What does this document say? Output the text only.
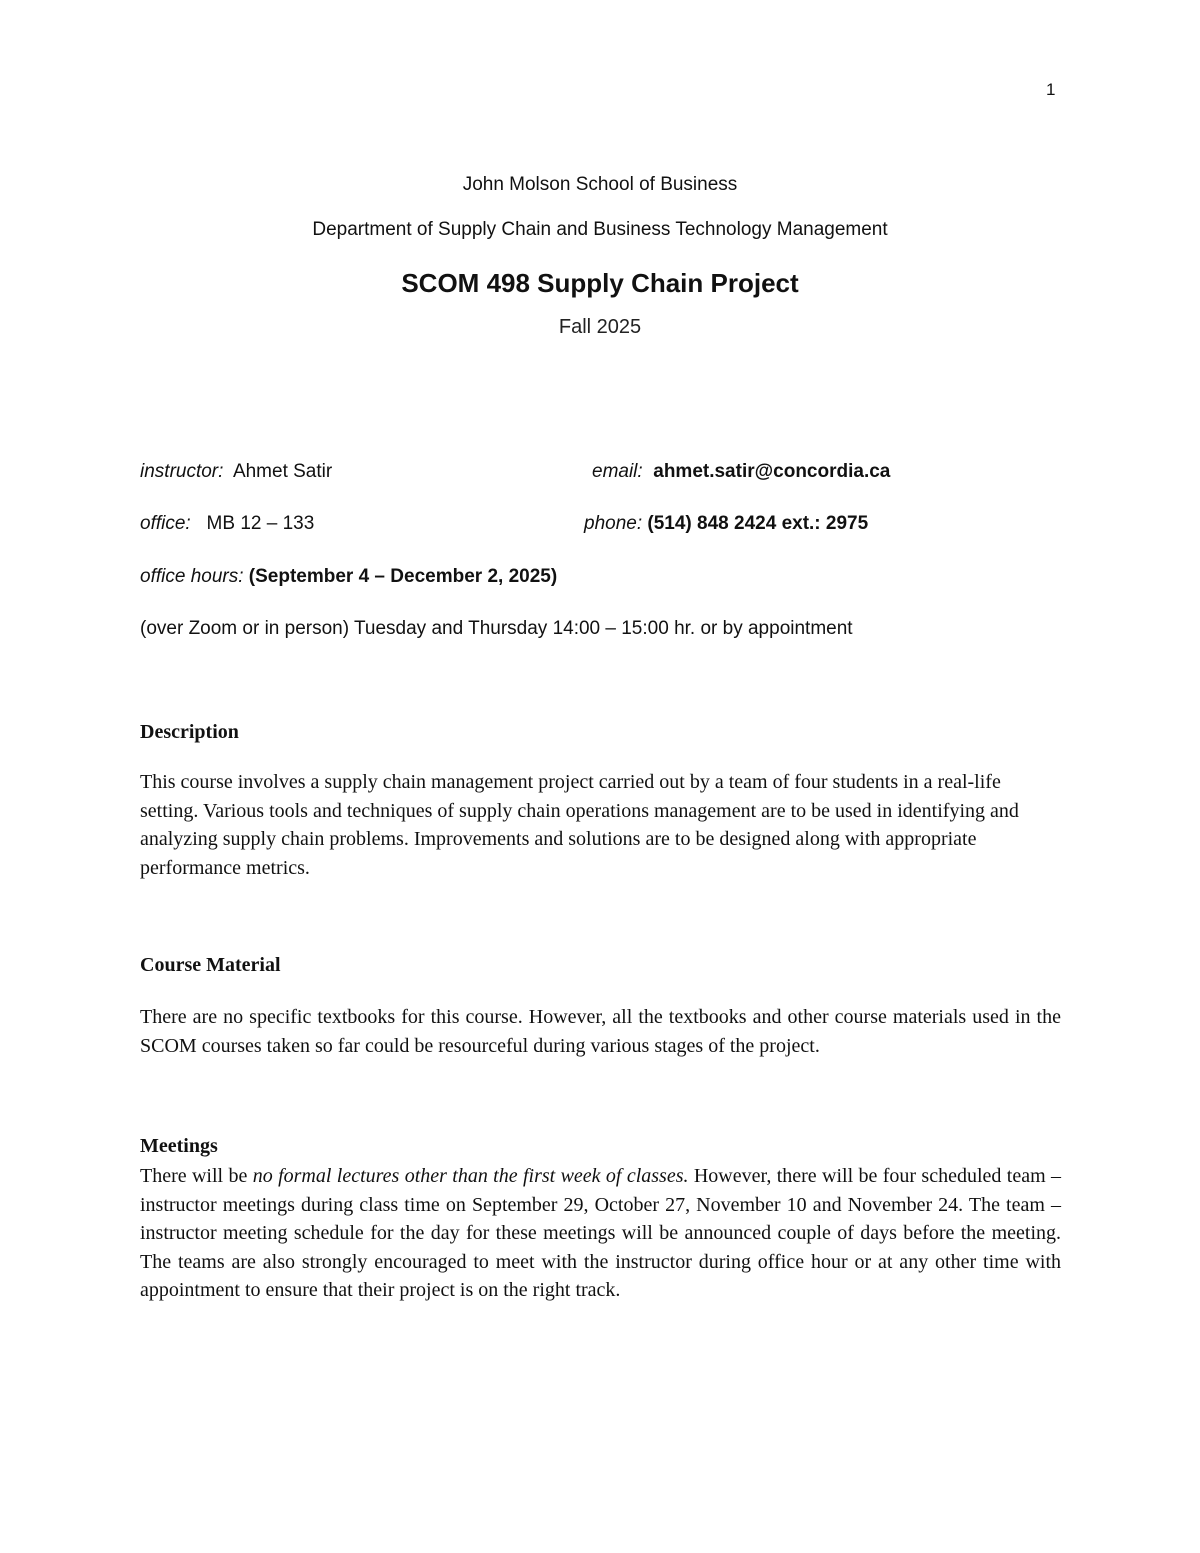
1
John Molson School of Business
Department of Supply Chain and Business Technology Management
SCOM 498 Supply Chain Project
Fall 2025
instructor: Ahmet Satir	email: ahmet.satir@concordia.ca
office: MB 12 – 133	phone: (514) 848 2424 ext.: 2975
office hours: (September 4 – December 2, 2025)
(over Zoom or in person) Tuesday and Thursday 14:00 – 15:00 hr. or by appointment
Description
This course involves a supply chain management project carried out by a team of four students in a real-life setting. Various tools and techniques of supply chain operations management are to be used in identifying and analyzing supply chain problems. Improvements and solutions are to be designed along with appropriate performance metrics.
Course Material
There are no specific textbooks for this course. However, all the textbooks and other course materials used in the SCOM courses taken so far could be resourceful during various stages of the project.
Meetings
There will be no formal lectures other than the first week of classes. However, there will be four scheduled team – instructor meetings during class time on September 29, October 27, November 10 and November 24. The team – instructor meeting schedule for the day for these meetings will be announced couple of days before the meeting. The teams are also strongly encouraged to meet with the instructor during office hour or at any other time with appointment to ensure that their project is on the right track.
